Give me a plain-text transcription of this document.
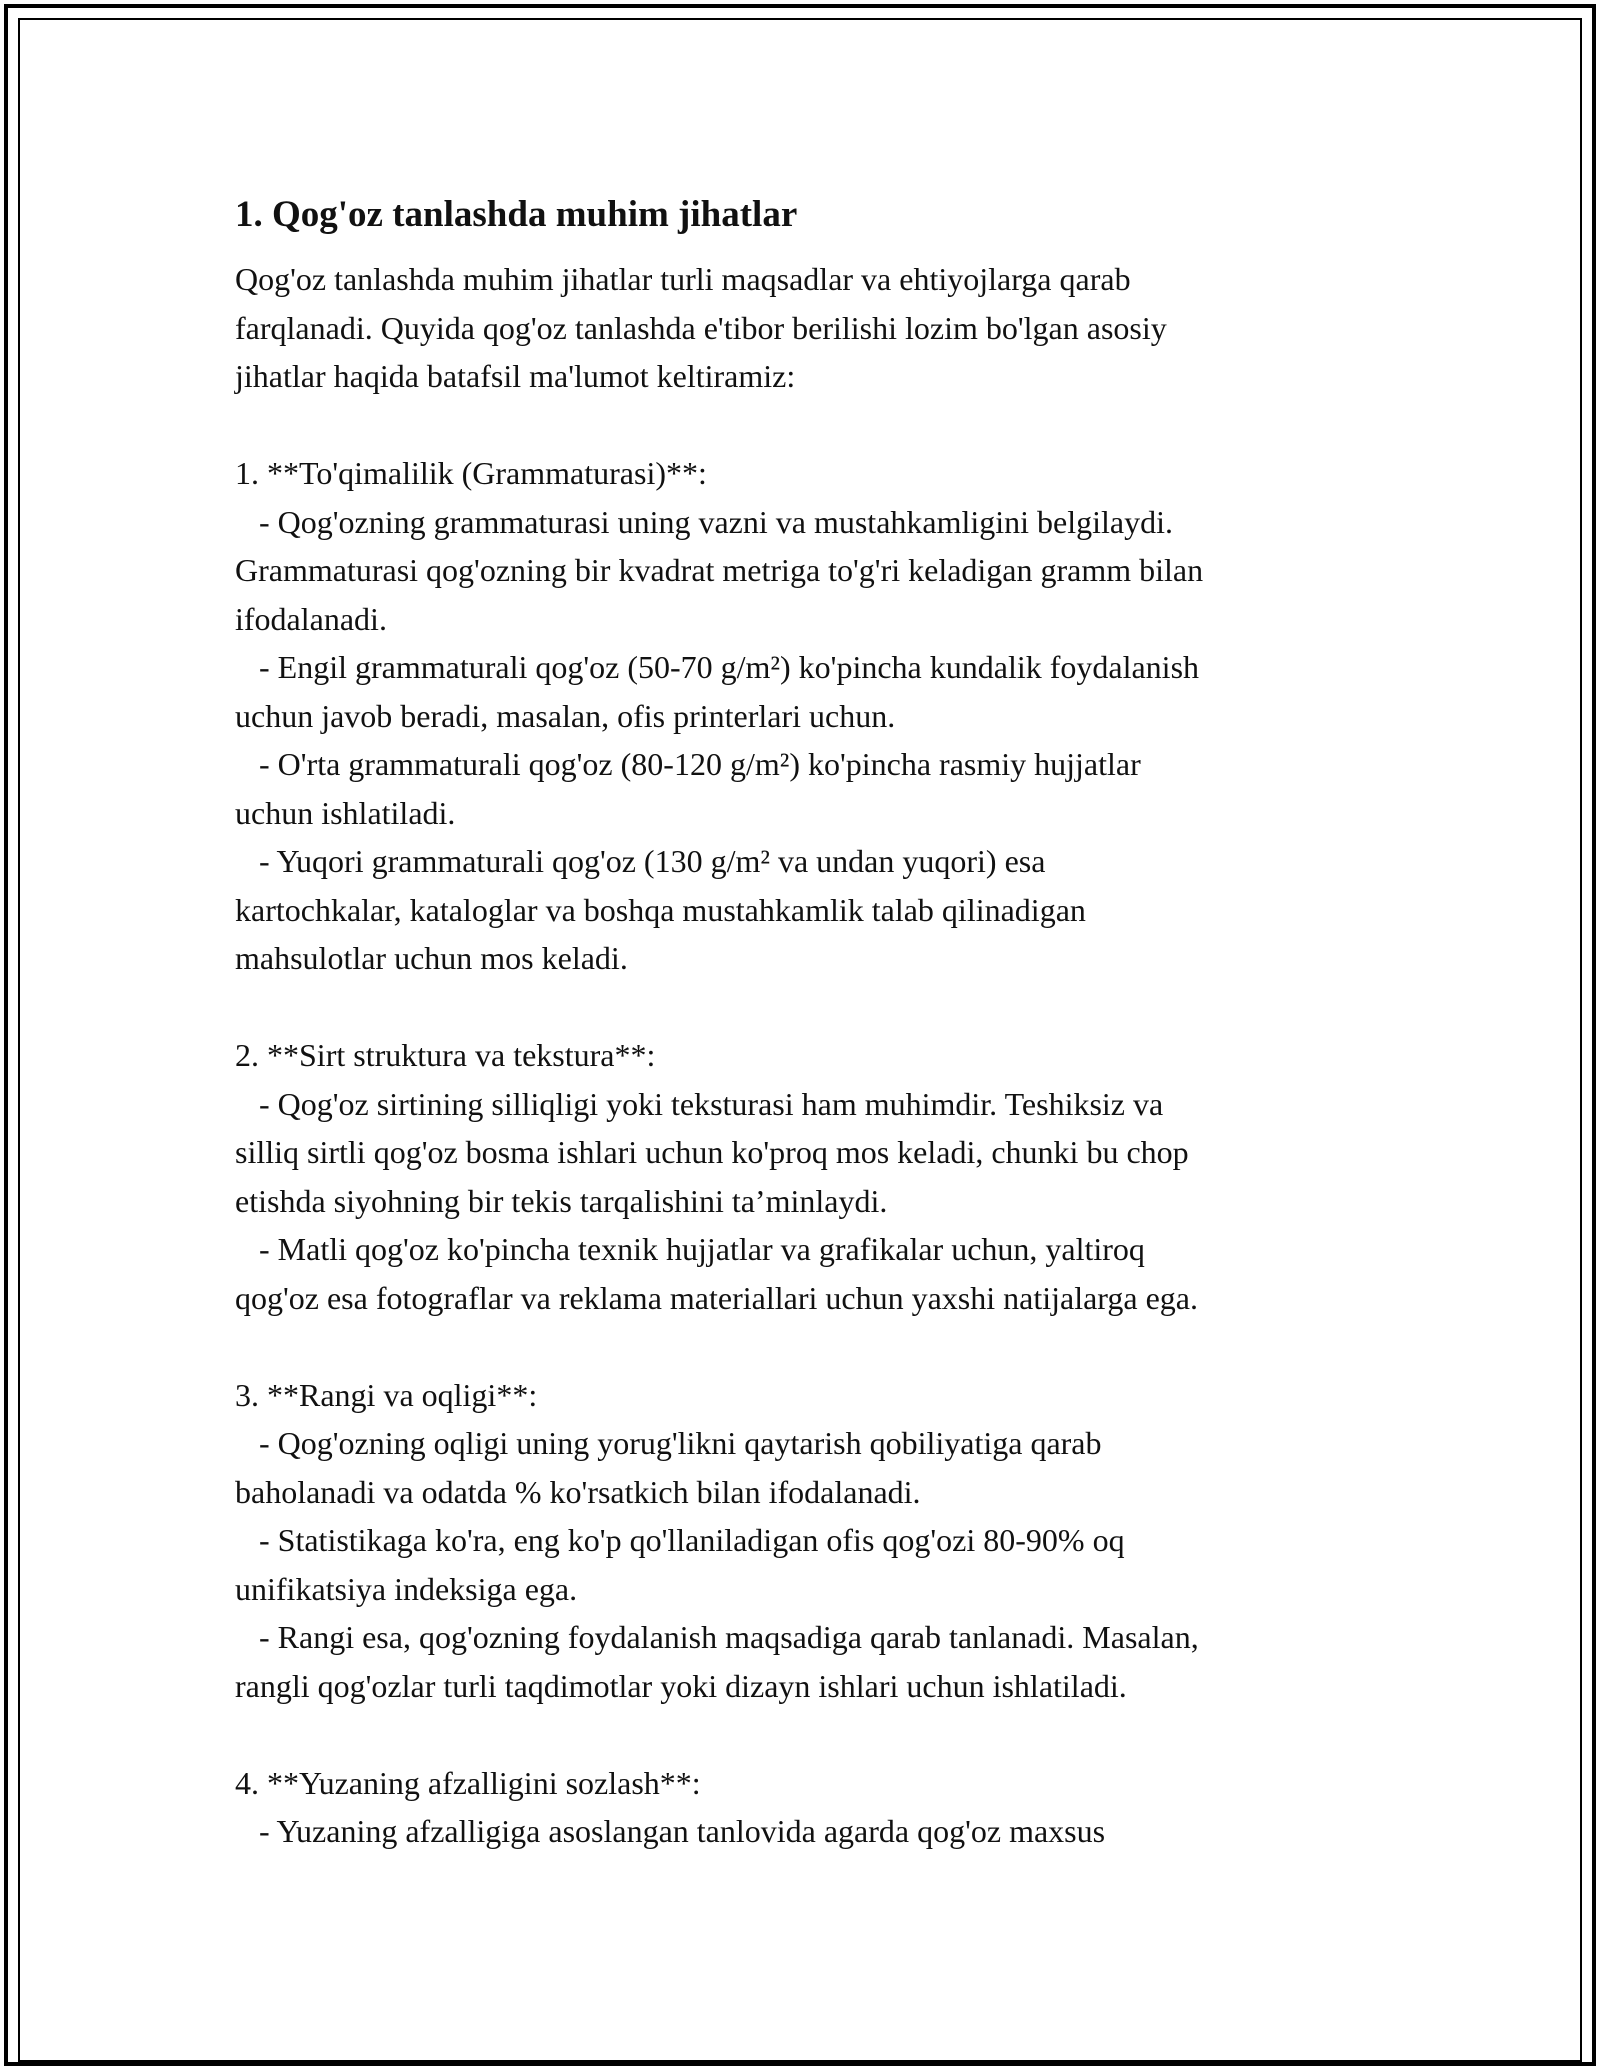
1. Qog'oz tanlashda muhim jihatlar

Qog'oz tanlashda muhim jihatlar turli maqsadlar va ehtiyojlarga qarab

farqlanadi. Quyida qog'oz tanlashda e'tibor berilishi lozim bo'lgan asosiy

jihatlar haqida batafsil ma'lumot keltiramiz:

1. **To'qimalilik (Grammaturasi)**:

- Qog'ozning grammaturasi uning vazni va mustahkamligini belgilaydi.

Grammaturasi qog'ozning bir kvadrat metriga to'g'ri keladigan gramm bilan

ifodalanadi.

- Engil grammaturali qog'oz (50-70 g/m²) ko'pincha kundalik foydalanish

uchun javob beradi, masalan, ofis printerlari uchun.

- O'rta grammaturali qog'oz (80-120 g/m²) ko'pincha rasmiy hujjatlar

uchun ishlatiladi.

- Yuqori grammaturali qog'oz (130 g/m² va undan yuqori) esa

kartochkalar, kataloglar va boshqa mustahkamlik talab qilinadigan

mahsulotlar uchun mos keladi.

2. **Sirt struktura va tekstura**:

- Qog'oz sirtining silliqligi yoki teksturasi ham muhimdir. Teshiksiz va

silliq sirtli qog'oz bosma ishlari uchun ko'proq mos keladi, chunki bu chop

etishda siyohning bir tekis tarqalishini ta’minlaydi.

- Matli qog'oz ko'pincha texnik hujjatlar va grafikalar uchun, yaltiroq

qog'oz esa fotograflar va reklama materiallari uchun yaxshi natijalarga ega.

3. **Rangi va oqligi**:

- Qog'ozning oqligi uning yorug'likni qaytarish qobiliyatiga qarab

baholanadi va odatda % ko'rsatkich bilan ifodalanadi.

- Statistikaga ko'ra, eng ko'p qo'llaniladigan ofis qog'ozi 80-90% oq

unifikatsiya indeksiga ega.

- Rangi esa, qog'ozning foydalanish maqsadiga qarab tanlanadi. Masalan,

rangli qog'ozlar turli taqdimotlar yoki dizayn ishlari uchun ishlatiladi.

4. **Yuzaning afzalligini sozlash**:

- Yuzaning afzalligiga asoslangan tanlovida agarda qog'oz maxsus
